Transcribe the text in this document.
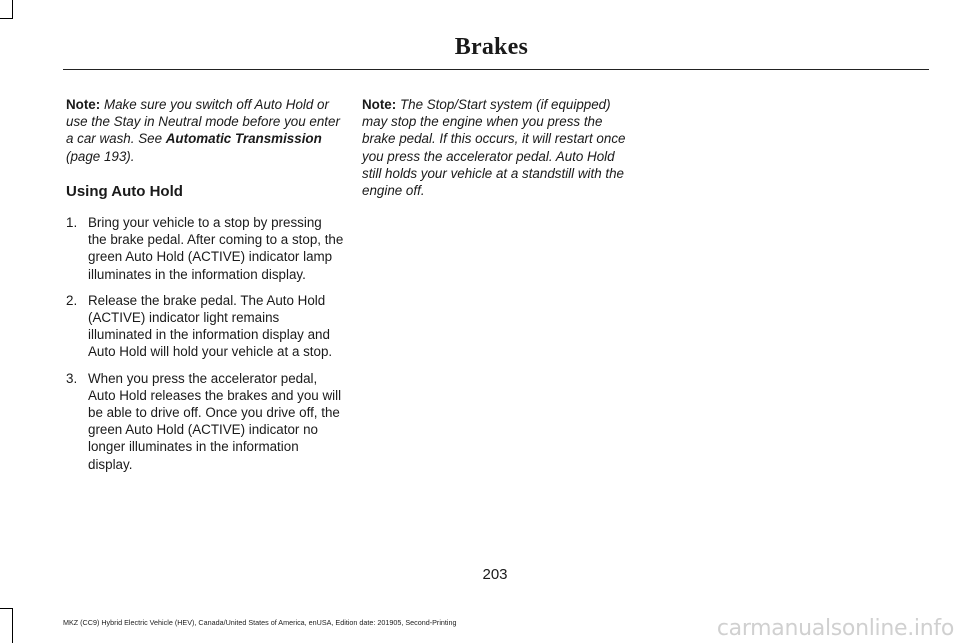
Brakes
Note: Make sure you switch off Auto Hold or use the Stay in Neutral mode before you enter a car wash. See Automatic Transmission (page 193).
Using Auto Hold
1. Bring your vehicle to a stop by pressing the brake pedal. After coming to a stop, the green Auto Hold (ACTIVE) indicator lamp illuminates in the information display.
2. Release the brake pedal. The Auto Hold (ACTIVE) indicator light remains illuminated in the information display and Auto Hold will hold your vehicle at a stop.
3. When you press the accelerator pedal, Auto Hold releases the brakes and you will be able to drive off. Once you drive off, the green Auto Hold (ACTIVE) indicator no longer illuminates in the information display.
Note: The Stop/Start system (if equipped) may stop the engine when you press the brake pedal. If this occurs, it will restart once you press the accelerator pedal. Auto Hold still holds your vehicle at a standstill with the engine off.
203
MKZ (CC9) Hybrid Electric Vehicle (HEV), Canada/United States of America, enUSA, Edition date: 201905, Second-Printing	carmanualsonline.info
